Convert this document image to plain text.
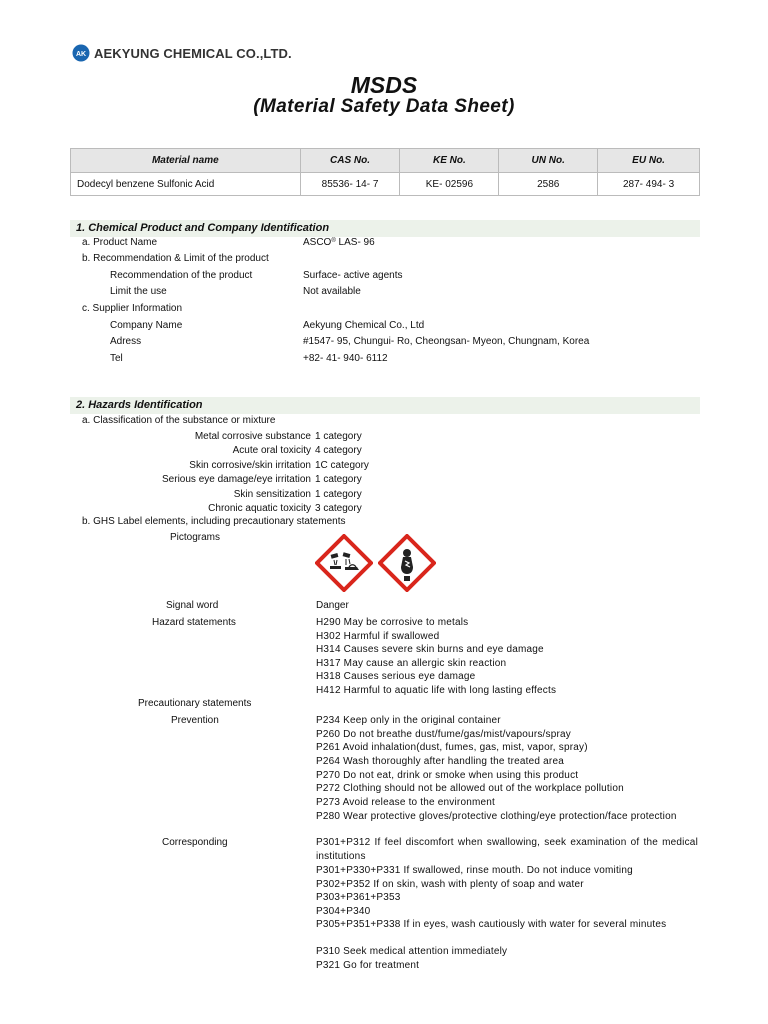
AK AEKYUNG CHEMICAL CO.,LTD.
MSDS
(Material Safety Data Sheet)
Material name	CAS No.	KE No.	UN No.	EU No.
Dodecyl benzene Sulfonic Acid	85536- 14- 7	KE- 02596	2586	287- 494- 3
1. Chemical Product and Company Identification
a. Product Name	ASCO® LAS- 96
b. Recommendation & Limit of the product
Recommendation of the product	Surface- active agents
Limit the use	Not available
c. Supplier Information
Company Name	Aekyung Chemical Co., Ltd
Adress	#1547- 95, Chungui- Ro, Cheongsan- Myeon, Chungnam, Korea
Tel	+82- 41- 940- 6112
2. Hazards Identification
a. Classification of the substance or mixture
Metal corrosive substance 1 category
Acute oral toxicity 4 category
Skin corrosive/skin irritation 1C category
Serious eye damage/eye irritation 1 category
Skin sensitization 1 category
Chronic aquatic toxicity 3 category
b. GHS Label elements, including precautionary statements
Pictograms
Signal word	Danger
Hazard statements	H290 May be corrosive to metals
H302 Harmful if swallowed
H314 Causes severe skin burns and eye damage
H317 May cause an allergic skin reaction
H318 Causes serious eye damage
H412 Harmful to aquatic life with long lasting effects
Precautionary statements
Prevention	P234 Keep only in the original container
P260 Do not breathe dust/fume/gas/mist/vapours/spray
P261 Avoid inhalation(dust, fumes, gas, mist, vapor, spray)
P264 Wash thoroughly after handling the treated area
P270 Do not eat, drink or smoke when using this product
P272 Clothing should not be allowed out of the workplace pollution
P273 Avoid release to the environment
P280 Wear protective gloves/protective clothing/eye protection/face protection
Corresponding	P301+P312 If feel discomfort when swallowing, seek examination of the medical institutions
P301+P330+P331 If swallowed, rinse mouth. Do not induce vomiting
P302+P352 If on skin, wash with plenty of soap and water
P303+P361+P353
P304+P340
P305+P351+P338 If in eyes, wash cautiously with water for several minutes
P310 Seek medical attention immediately
P321 Go for treatment
